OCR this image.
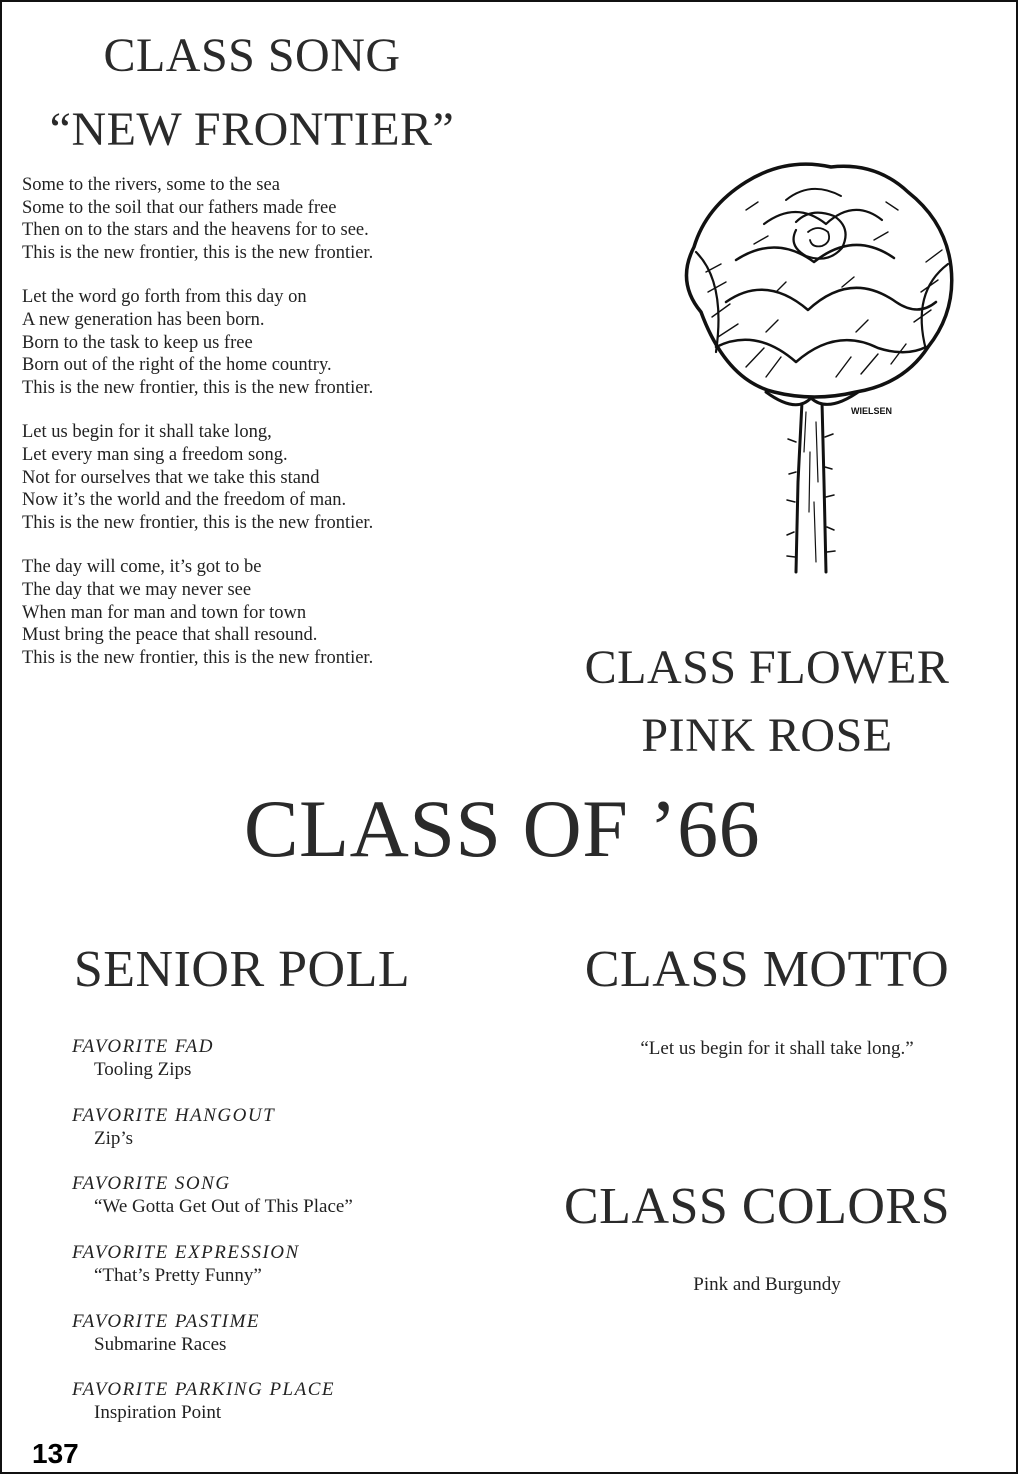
CLASS SONG
“NEW FRONTIER”
Some to the rivers, some to the sea
Some to the soil that our fathers made free
Then on to the stars and the heavens for to see.
This is the new frontier, this is the new frontier.
Let the word go forth from this day on
A new generation has been born.
Born to the task to keep us free
Born out of the right of the home country.
This is the new frontier, this is the new frontier.
Let us begin for it shall take long,
Let every man sing a freedom song.
Not for ourselves that we take this stand
Now it’s the world and the freedom of man.
This is the new frontier, this is the new frontier.
The day will come, it’s got to be
The day that we may never see
When man for man and town for town
Must bring the peace that shall resound.
This is the new frontier, this is the new frontier.
WIELSEN
CLASS FLOWER
PINK ROSE
CLASS OF ’66
SENIOR POLL	CLASS MOTTO
FAVORITE FAD
Tooling Zips
FAVORITE HANGOUT
Zip’s
FAVORITE SONG
“We Gotta Get Out of This Place”
FAVORITE EXPRESSION
“That’s Pretty Funny”
FAVORITE PASTIME
Submarine Races
FAVORITE PARKING PLACE
Inspiration Point
“Let us begin for it shall take long.”
CLASS COLORS
Pink and Burgundy
137
